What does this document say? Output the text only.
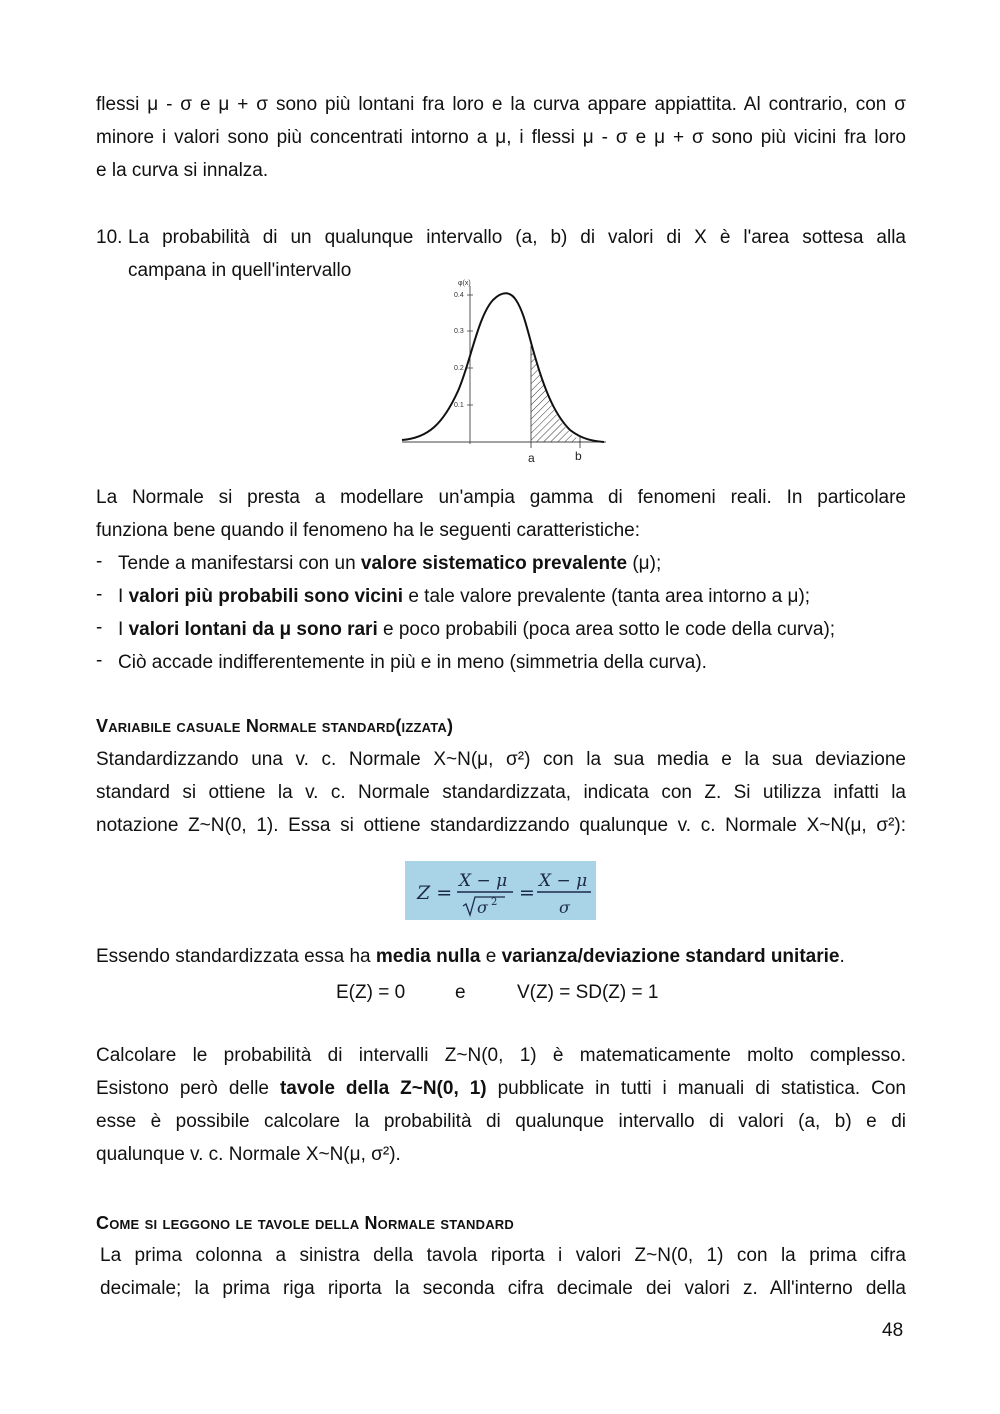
flessi μ - σ e μ + σ sono più lontani fra loro e la curva appare appiattita. Al contrario, con σ

minore i valori sono più concentrati intorno a μ, i flessi μ - σ e μ + σ sono più vicini fra loro

e la curva si innalza.

10. La probabilità di un qualunque intervallo (a, b) di valori di X è l'area sottesa alla

campana in quell'intervallo

φ(x)
0.4
0.3
0.2
0.1
a	b

La Normale si presta a modellare un'ampia gamma di fenomeni reali. In particolare

funziona bene quando il fenomeno ha le seguenti caratteristiche:

- Tende a manifestarsi con un valore sistematico prevalente (μ);
- I valori più probabili sono vicini e tale valore prevalente (tanta area intorno a μ);
- I valori lontani da μ sono rari e poco probabili (poca area sotto le code della curva);
- Ciò accade indifferentemente in più e in meno (simmetria della curva).
Variabile casuale Normale standard(izzata)

Standardizzando una v. c. Normale X~N(μ, σ²) con la sua media e la sua deviazione

standard si ottiene la v. c. Normale standardizzata, indicata con Z. Si utilizza infatti la

notazione Z~N(0, 1). Essa si ottiene standardizzando qualunque v. c. Normale X~N(μ, σ²):

Z =
X − μ
σ 2 =
X − μ
σ

Essendo standardizzata essa ha media nulla e varianza/deviazione standard unitarie.

E(Z) = 0	e	V(Z) = SD(Z) = 1

Calcolare le probabilità di intervalli Z~N(0, 1) è matematicamente molto complesso.

Esistono però delle tavole della Z~N(0, 1) pubblicate in tutti i manuali di statistica. Con

esse è possibile calcolare la probabilità di qualunque intervallo di valori (a, b) e di

qualunque v. c. Normale X~N(μ, σ²).

Come si leggono le tavole della Normale standard

La prima colonna a sinistra della tavola riporta i valori Z~N(0, 1) con la prima cifra

decimale; la prima riga riporta la seconda cifra decimale dei valori z. All'interno della

48
